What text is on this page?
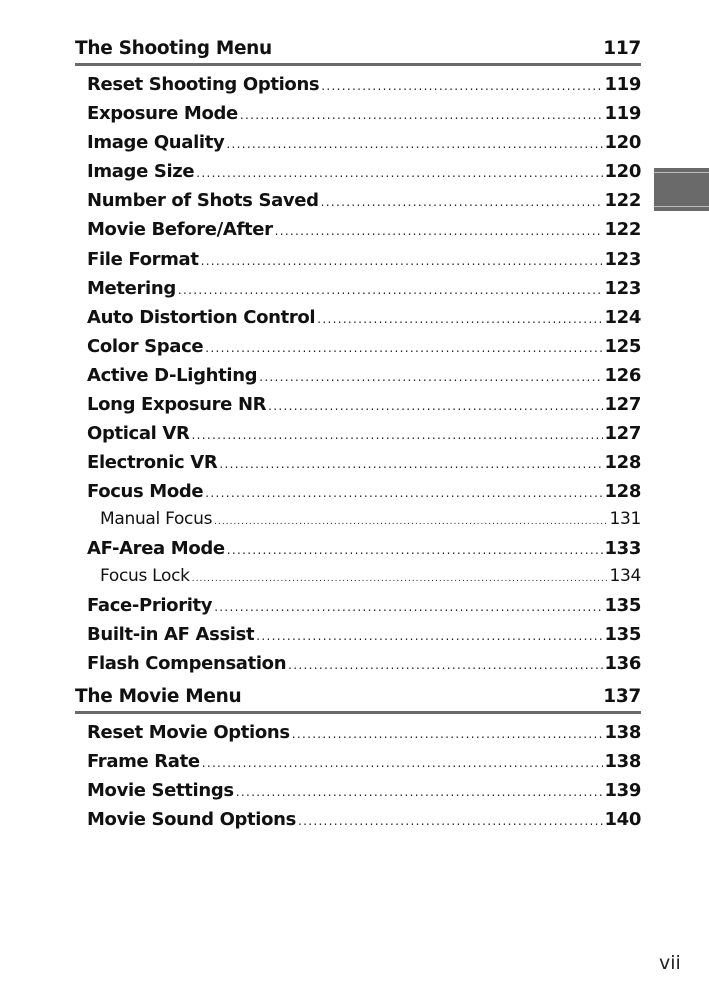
The Shooting Menu	117
Reset Shooting Options .....	119
Exposure Mode .....	119
Image Quality .....	120
Image Size .....	120
Number of Shots Saved .....	122
Movie Before/After .....	122
File Format .....	123
Metering .....	123
Auto Distortion Control .....	124
Color Space .....	125
Active D-Lighting .....	126
Long Exposure NR .....	127
Optical VR .....	127
Electronic VR .....	128
Focus Mode .....	128
Manual Focus .....	131
AF-Area Mode .....	133
Focus Lock .....	134
Face-Priority .....	135
Built-in AF Assist .....	135
Flash Compensation .....	136
The Movie Menu	137
Reset Movie Options .....	138
Frame Rate .....	138
Movie Settings .....	139
Movie Sound Options .....	140
vii
